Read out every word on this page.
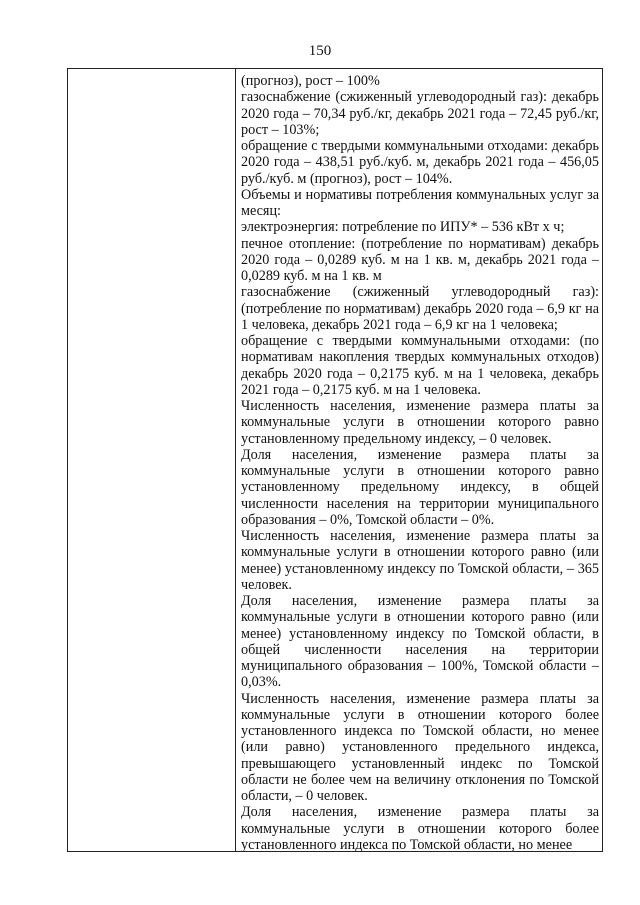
150

(прогноз), рост – 100%

газоснабжение (сжиженный углеводородный газ): декабрь 2020 года – 70,34 руб./кг, декабрь 2021 года – 72,45 руб./кг, рост – 103%;

обращение с твердыми коммунальными отходами: декабрь 2020 года – 438,51 руб./куб. м, декабрь 2021 года – 456,05 руб./куб. м (прогноз), рост – 104%.

Объемы и нормативы потребления коммунальных услуг за месяц:

электроэнергия: потребление по ИПУ* – 536 кВт х ч;

печное отопление: (потребление по нормативам) декабрь 2020 года – 0,0289 куб. м на 1 кв. м, декабрь 2021 года – 0,0289 куб. м на 1 кв. м

газоснабжение (сжиженный углеводородный газ): (потребление по нормативам) декабрь 2020 года – 6,9 кг на 1 человека, декабрь 2021 года – 6,9 кг на 1 человека;

обращение с твердыми коммунальными отходами: (по нормативам накопления твердых коммунальных отходов) декабрь 2020 года – 0,2175 куб. м на 1 человека, декабрь 2021 года – 0,2175 куб. м на 1 человека.

Численность населения, изменение размера платы за коммунальные услуги в отношении которого равно установленному предельному индексу, – 0 человек.

Доля населения, изменение размера платы за коммунальные услуги в отношении которого равно установленному предельному индексу, в общей численности населения на территории муниципального образования – 0%, Томской области – 0%.

Численность населения, изменение размера платы за коммунальные услуги в отношении которого равно (или менее) установленному индексу по Томской области, – 365 человек.

Доля населения, изменение размера платы за коммунальные услуги в отношении которого равно (или менее) установленному индексу по Томской области, в общей численности населения на территории муниципального образования – 100%, Томской области – 0,03%.

Численность населения, изменение размера платы за коммунальные услуги в отношении которого более установленного индекса по Томской области, но менее (или равно) установленного предельного индекса, превышающего установленный индекс по Томской области не более чем на величину отклонения по Томской области, – 0 человек.

Доля населения, изменение размера платы за коммунальные услуги в отношении которого более установленного индекса по Томской области, но менее
